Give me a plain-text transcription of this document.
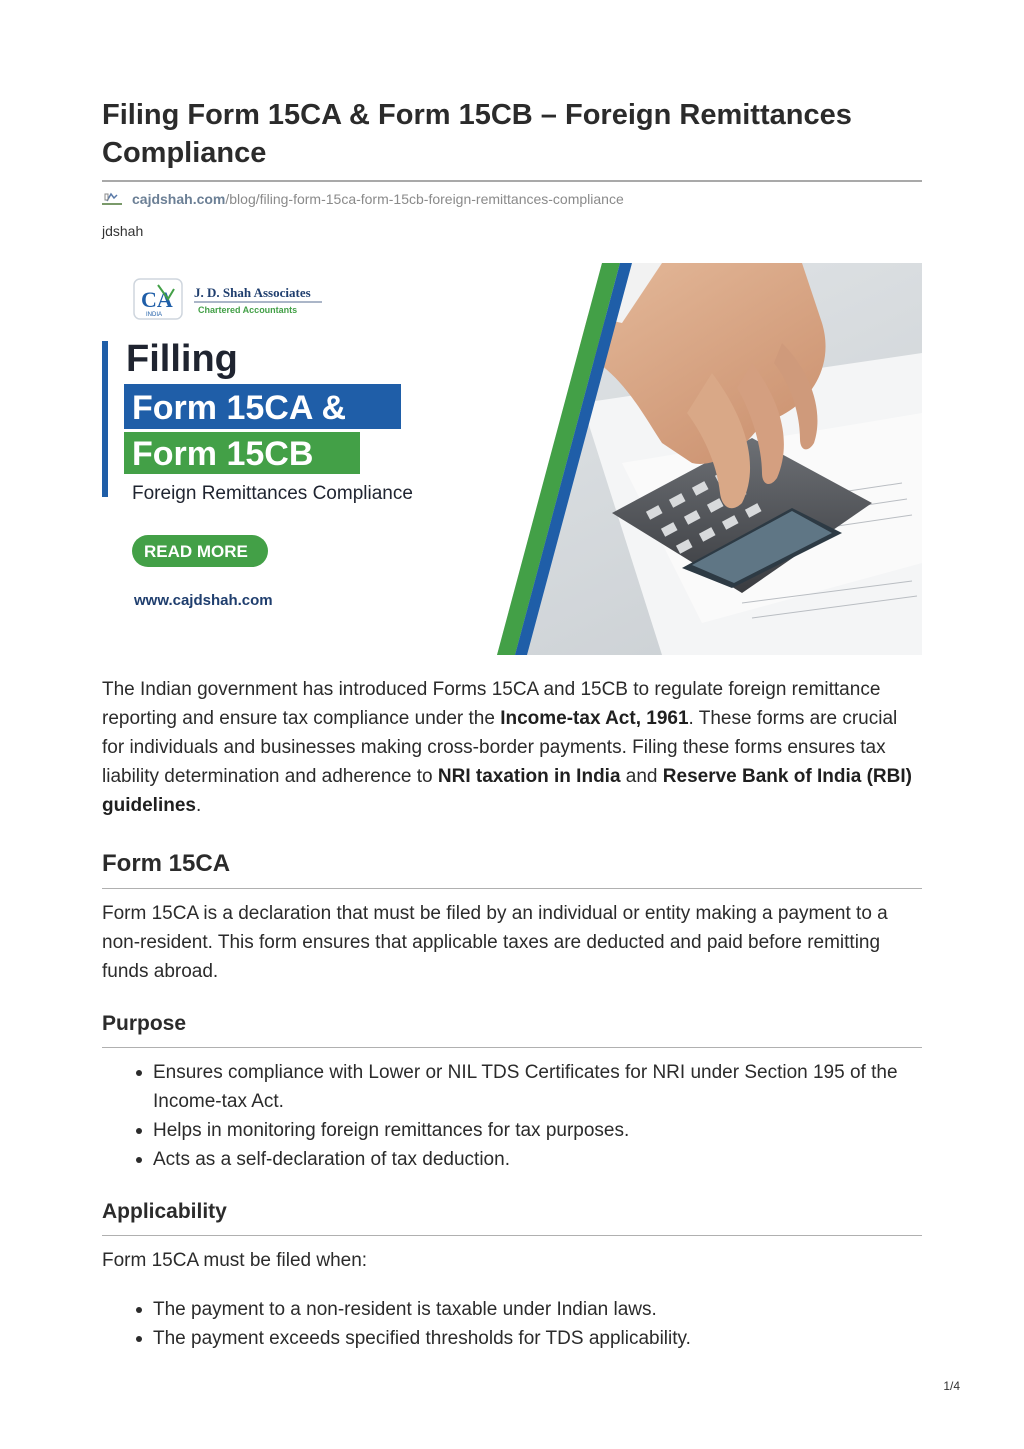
Filing Form 15CA & Form 15CB – Foreign Remittances Compliance
cajdshah.com /blog/filing-form-15ca-form-15cb-foreign-remittances-compliance
jdshah
CA
INDIA
J. D. Shah Associates
Chartered Accountants
Filling
Form 15CA &
Form 15CB
Foreign Remittances Compliance
READ MORE
www.cajdshah.com

The Indian government has introduced Forms 15CA and 15CB to regulate foreign remittance reporting and ensure tax compliance under the Income-tax Act, 1961. These forms are crucial for individuals and businesses making cross-border payments. Filing these forms ensures tax liability determination and adherence to NRI taxation in India and Reserve Bank of India (RBI) guidelines.

Form 15CA

Form 15CA is a declaration that must be filed by an individual or entity making a payment to a non-resident. This form ensures that applicable taxes are deducted and paid before remitting funds abroad.

Purpose
Ensures compliance with Lower or NIL TDS Certificates for NRI under Section 195 of the Income-tax Act.
Helps in monitoring foreign remittances for tax purposes.
Acts as a self-declaration of tax deduction.
Applicability

Form 15CA must be filed when:

The payment to a non-resident is taxable under Indian laws.
The payment exceeds specified thresholds for TDS applicability.
1/4
